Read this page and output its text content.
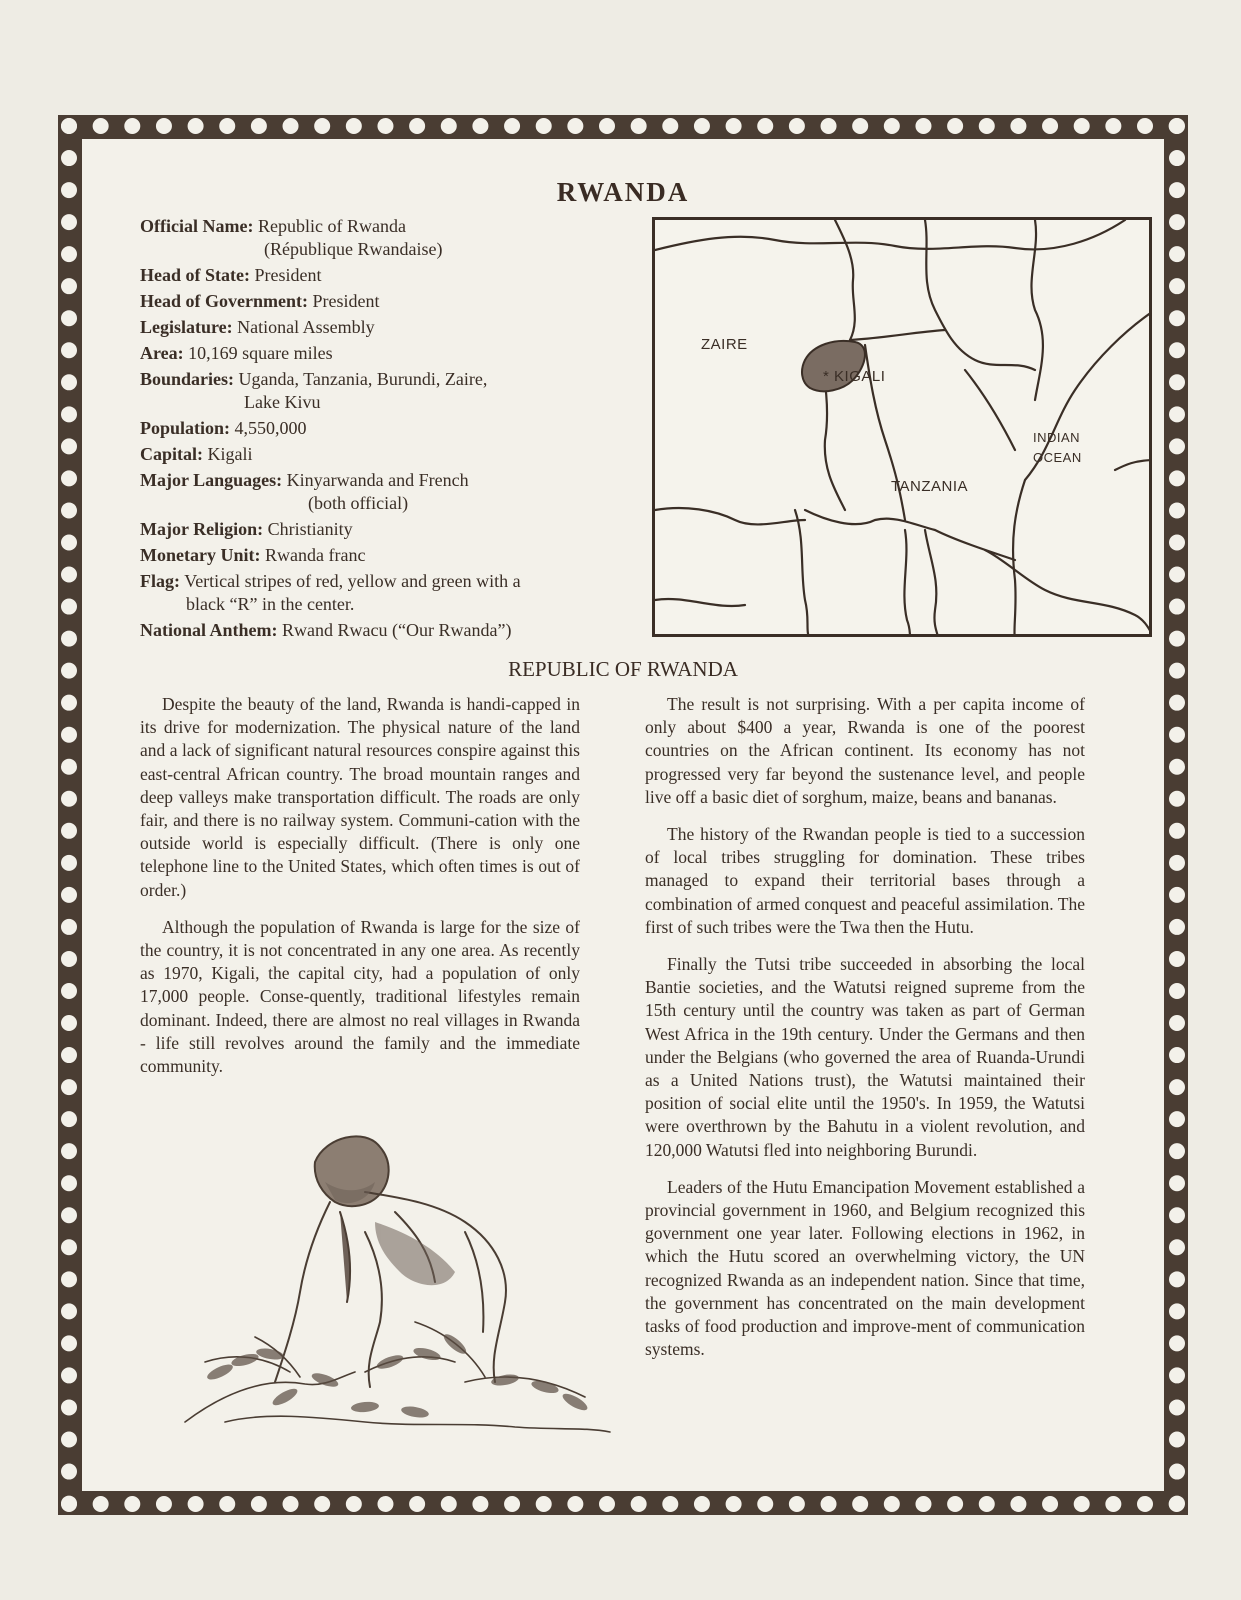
RWANDA
Official Name: Republic of Rwanda
(République Rwandaise)
Head of State: President
Head of Government: President
Legislature: National Assembly
Area: 10,169 square miles
Boundaries: Uganda, Tanzania, Burundi, Zaire,
Lake Kivu
Population: 4,550,000
Capital: Kigali
Major Languages: Kinyarwanda and French
(both official)
Major Religion: Christianity
Monetary Unit: Rwanda franc
Flag: Vertical stripes of red, yellow and green with a
black “R” in the center.
National Anthem: Rwand Rwacu (“Our Rwanda”)
ZAIRE
* KIGALI
TANZANIA
INDIAN
OCEAN
REPUBLIC OF RWANDA

Despite the beauty of the land, Rwanda is handi-capped in its drive for modernization. The physical nature of the land and a lack of significant natural resources conspire against this east-central African country. The broad mountain ranges and deep valleys make transportation difficult. The roads are only fair, and there is no railway system. Communi-cation with the outside world is especially difficult. (There is only one telephone line to the United States, which often times is out of order.)

Although the population of Rwanda is large for the size of the country, it is not concentrated in any one area. As recently as 1970, Kigali, the capital city, had a population of only 17,000 people. Conse-quently, traditional lifestyles remain dominant. Indeed, there are almost no real villages in Rwanda - life still revolves around the family and the immediate community.

The result is not surprising. With a per capita income of only about $400 a year, Rwanda is one of the poorest countries on the African continent. Its economy has not progressed very far beyond the sustenance level, and people live off a basic diet of sorghum, maize, beans and bananas.

The history of the Rwandan people is tied to a succession of local tribes struggling for domination. These tribes managed to expand their territorial bases through a combination of armed conquest and peaceful assimilation. The first of such tribes were the Twa then the Hutu.

Finally the Tutsi tribe succeeded in absorbing the local Bantie societies, and the Watutsi reigned supreme from the 15th century until the country was taken as part of German West Africa in the 19th century. Under the Germans and then under the Belgians (who governed the area of Ruanda-Urundi as a United Nations trust), the Watutsi maintained their position of social elite until the 1950's. In 1959, the Watutsi were overthrown by the Bahutu in a violent revolution, and 120,000 Watutsi fled into neighboring Burundi.

Leaders of the Hutu Emancipation Movement established a provincial government in 1960, and Belgium recognized this government one year later. Following elections in 1962, in which the Hutu scored an overwhelming victory, the UN recognized Rwanda as an independent nation. Since that time, the government has concentrated on the main development tasks of food production and improve-ment of communication systems.
